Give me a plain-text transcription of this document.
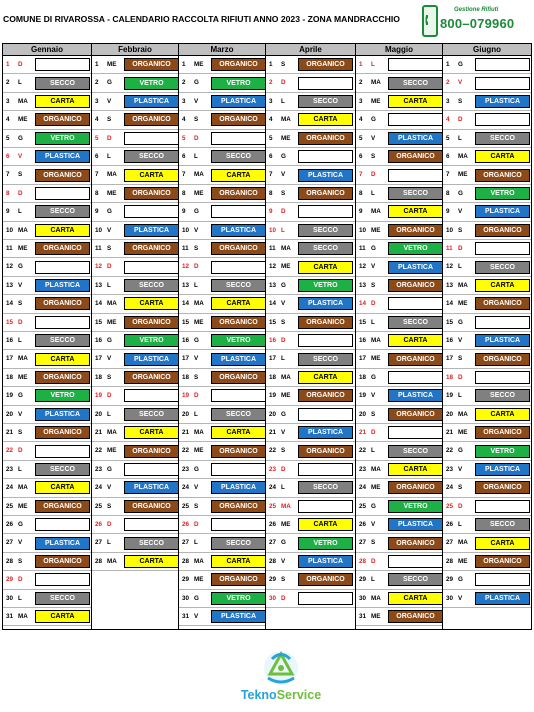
COMUNE DI RIVAROSSA - CALENDARIO RACCOLTA RIFIUTI ANNO 2023 - ZONA MANDRACCHIO
Gestione Rifiuti
800–079960
Gennaio
1	D
2	L	SECCO
3	MA	CARTA
4	ME	ORGANICO
5	G	VETRO
6	V	PLASTICA
7	S	ORGANICO
8	D
9	L	SECCO
10 MA	CARTA
11 ME	ORGANICO
12 G
13 V	PLASTICA
14 S	ORGANICO
15 D
16 L	SECCO
17 MA	CARTA
18 ME	ORGANICO
19 G	VETRO
20 V	PLASTICA
21 S	ORGANICO
22 D
23 L	SECCO
24 MA	CARTA
25 ME	ORGANICO
26 G
27 V	PLASTICA
28 S	ORGANICO
29 D
30 L	SECCO
31 MA	CARTA
Febbraio
1	ME	ORGANICO
2	G	VETRO
3	V	PLASTICA
4	S	ORGANICO
5	D
6	L	SECCO
7	MA	CARTA
8	ME	ORGANICO
9	G
10 V	PLASTICA
11 S	ORGANICO
12 D
13 L	SECCO
14 MA	CARTA
15 ME	ORGANICO
16 G	VETRO
17 V	PLASTICA
18 S	ORGANICO
19 D
20 L	SECCO
21 MA	CARTA
22 ME	ORGANICO
23 G
24 V	PLASTICA
25 S	ORGANICO
26 D
27 L	SECCO
28 MA	CARTA
Marzo
1	ME	ORGANICO
2	G	VETRO
3	V	PLASTICA
4	S	ORGANICO
5	D
6	L	SECCO
7	MA	CARTA
8	ME	ORGANICO
9	G
10 V	PLASTICA
11 S	ORGANICO
12 D
13 L	SECCO
14 MA	CARTA
15 ME	ORGANICO
16 G	VETRO
17 V	PLASTICA
18 S	ORGANICO
19 D
20 L	SECCO
21 MA	CARTA
22 ME	ORGANICO
23 G
24 V	PLASTICA
25 S	ORGANICO
26 D
27 L	SECCO
28 MA	CARTA
29 ME	ORGANICO
30 G	VETRO
31 V	PLASTICA
Aprile
1	S	ORGANICO
2	D
3	L	SECCO
4	MA	CARTA
5	ME	ORGANICO
6	G
7	V	PLASTICA
8	S	ORGANICO
9	D
10 L	SECCO
11 MA	SECCO
12 ME	CARTA
13 G	VETRO
14 V	PLASTICA
15 S	ORGANICO
16 D
17 L	SECCO
18 MA	CARTA
19 ME	ORGANICO
20 G
21 V	PLASTICA
22 S	ORGANICO
23 D
24 L	SECCO
25 MA
26 ME	CARTA
27 G	VETRO
28 V	PLASTICA
29 S	ORGANICO
30 D
Maggio
1	L
2	MA	SECCO
3	ME	CARTA
4	G
5	V	PLASTICA
6	S	ORGANICO
7	D
8	L	SECCO
9	MA	CARTA
10 ME	ORGANICO
11 G	VETRO
12 V	PLASTICA
13 S	ORGANICO
14 D
15 L	SECCO
16 MA	CARTA
17 ME	ORGANICO
18 G
19 V	PLASTICA
20 S	ORGANICO
21 D
22 L	SECCO
23 MA	CARTA
24 ME	ORGANICO
25 G	VETRO
26 V	PLASTICA
27 S	ORGANICO
28 D
29 L	SECCO
30 MA	CARTA
31 ME	ORGANICO
Giugno
1	G
2	V
3	S	PLASTICA
4	D
5	L	SECCO
6	MA	CARTA
7	ME	ORGANICO
8	G	VETRO
9	V	PLASTICA
10 S	ORGANICO
11 D
12 L	SECCO
13 MA	CARTA
14 ME	ORGANICO
15 G
16 V	PLASTICA
17 S	ORGANICO
18 D
19 L	SECCO
20 MA	CARTA
21 ME	ORGANICO
22 G	VETRO
23 V	PLASTICA
24 S	ORGANICO
25 D
26 L	SECCO
27 MA	CARTA
28 ME	ORGANICO
29 G
30 V	PLASTICA
TeknoService
